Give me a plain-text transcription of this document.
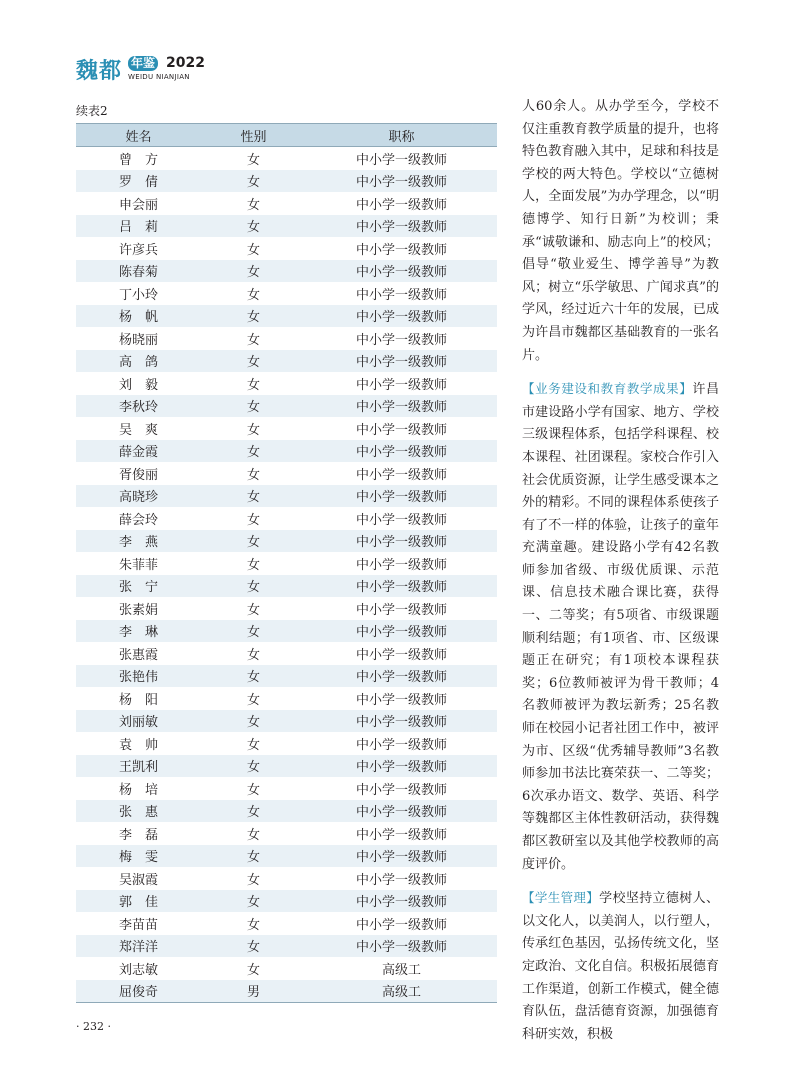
魏都 年鉴 2022
WEIDU NIANJIAN
续表2
姓名	性别	职称
曾　方	女	中小学一级教师
罗　倩	女	中小学一级教师
申会丽	女	中小学一级教师
吕　莉	女	中小学一级教师
许彦兵	女	中小学一级教师
陈春菊	女	中小学一级教师
丁小玲	女	中小学一级教师
杨　帆	女	中小学一级教师
杨晓丽	女	中小学一级教师
高　鸽	女	中小学一级教师
刘　毅	女	中小学一级教师
李秋玲	女	中小学一级教师
吴　爽	女	中小学一级教师
薛金霞	女	中小学一级教师
胥俊丽	女	中小学一级教师
高晓珍	女	中小学一级教师
薛会玲	女	中小学一级教师
李　燕	女	中小学一级教师
朱菲菲	女	中小学一级教师
张　宁	女	中小学一级教师
张素娟	女	中小学一级教师
李　琳	女	中小学一级教师
张惠霞	女	中小学一级教师
张艳伟	女	中小学一级教师
杨　阳	女	中小学一级教师
刘丽敏	女	中小学一级教师
袁　帅	女	中小学一级教师
王凯利	女	中小学一级教师
杨　培	女	中小学一级教师
张　惠	女	中小学一级教师
李　磊	女	中小学一级教师
梅　雯	女	中小学一级教师
吴淑霞	女	中小学一级教师
郭　佳	女	中小学一级教师
李苗苗	女	中小学一级教师
郑洋洋	女	中小学一级教师
刘志敏	女	高级工
屈俊奇	男	高级工

人60余人。从办学至今，学校不仅注重教育教学质量的提升，也将特色教育融入其中，足球和科技是学校的两大特色。学校以“立德树人，全面发展”为办学理念，以“明德博学、知行日新”为校训；秉承“诚敬谦和、励志向上”的校风；倡导“敬业爱生、博学善导”为教风；树立“乐学敏思、广闻求真”的学风，经过近六十年的发展，已成为许昌市魏都区基础教育的一张名片。

【业务建设和教育教学成果】许昌市建设路小学有国家、地方、学校三级课程体系，包括学科课程、校本课程、社团课程。家校合作引入社会优质资源，让学生感受课本之外的精彩。不同的课程体系使孩子有了不一样的体验，让孩子的童年充满童趣。建设路小学有42名教师参加省级、市级优质课、示范课、信息技术融合课比赛，获得一、二等奖；有5项省、市级课题顺利结题；有1项省、市、区级课题正在研究；有1项校本课程获奖；6位教师被评为骨干教师；4名教师被评为教坛新秀；25名教师在校园小记者社团工作中，被评为市、区级“优秀辅导教师”3名教师参加书法比赛荣获一、二等奖；6次承办语文、数学、英语、科学等魏都区主体性教研活动，获得魏都区教研室以及其他学校教师的高度评价。

【学生管理】学校坚持立德树人、以文化人，以美润人，以行塑人，传承红色基因，弘扬传统文化，坚定政治、文化自信。积极拓展德育工作渠道，创新工作模式，健全德育队伍，盘活德育资源，加强德育科研实效，积极

· 232 ·
